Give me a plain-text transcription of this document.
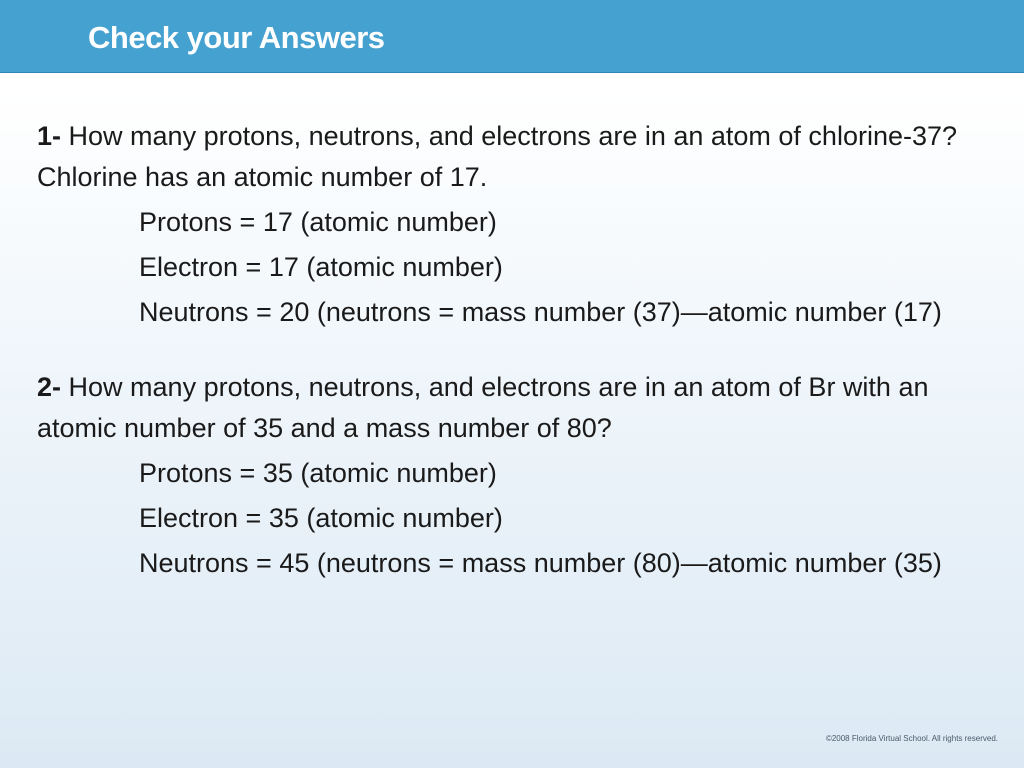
Check your Answers

1- How many protons, neutrons, and electrons are in an atom of chlorine-37? Chlorine has an atomic number of 17.

Protons = 17 (atomic number)

Electron = 17 (atomic number)

Neutrons = 20 (neutrons = mass number (37)—atomic number (17)

2- How many protons, neutrons, and electrons are in an atom of Br with an atomic number of 35 and a mass number of 80?

Protons = 35 (atomic number)

Electron = 35 (atomic number)

Neutrons = 45 (neutrons = mass number (80)—atomic number (35)

©2008 Florida Virtual School. All rights reserved.
